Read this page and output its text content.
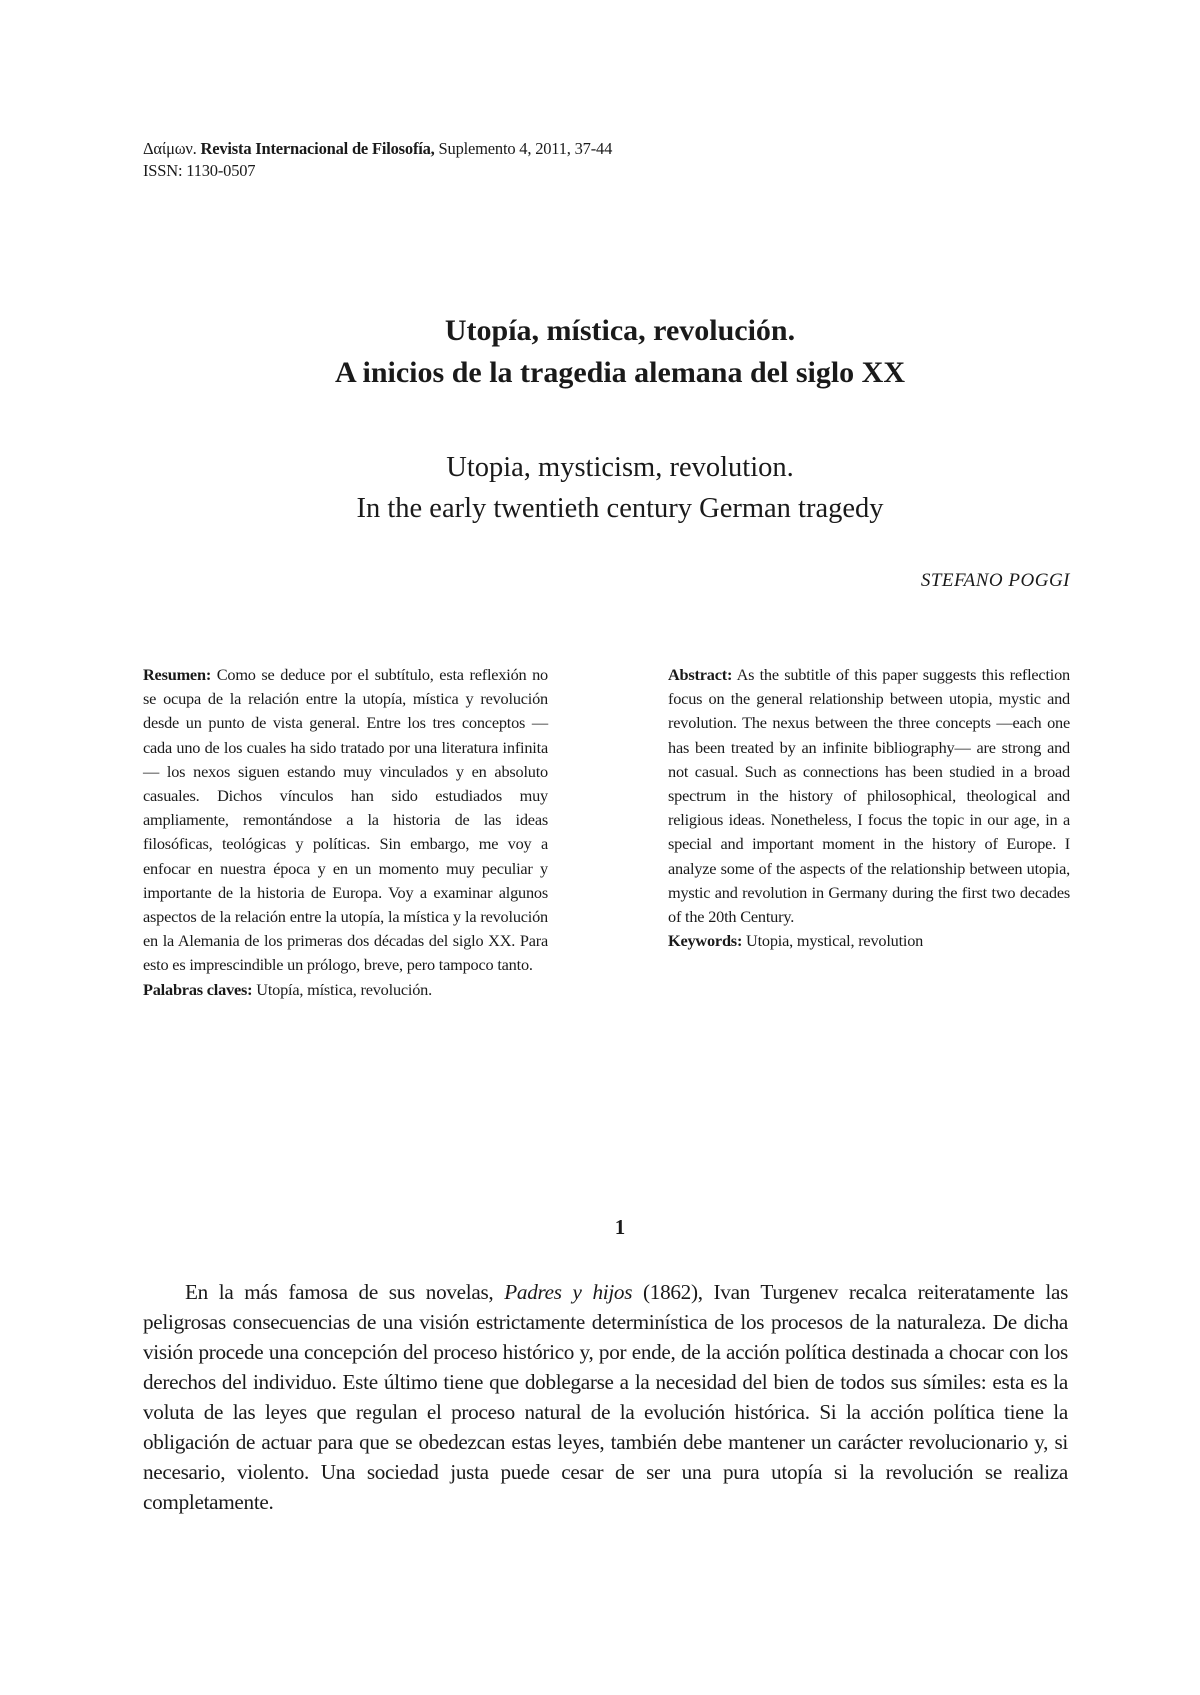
Δαίμων. Revista Internacional de Filosofía, Suplemento 4, 2011, 37-44
ISSN: 1130-0507
Utopía, mística, revolución.
A inicios de la tragedia alemana del siglo XX
Utopia, mysticism, revolution.
In the early twentieth century German tragedy
STEFANO POGGI

Resumen: Como se deduce por el subtítulo, esta reflexión no se ocupa de la relación entre la utopía, mística y revolución desde un punto de vista general. Entre los tres conceptos — cada uno de los cuales ha sido tratado por una literatura infinita— los nexos siguen estando muy vinculados y en absoluto casuales. Dichos vínculos han sido estudiados muy ampliamente, remontándose a la historia de las ideas filosóficas, teológicas y políticas. Sin embargo, me voy a enfocar en nuestra época y en un momento muy peculiar y importante de la historia de Europa. Voy a examinar algunos aspectos de la relación entre la utopía, la mística y la revolución en la Alemania de los primeras dos décadas del siglo XX. Para esto es imprescindible un prólogo, breve, pero tampoco tanto.

Palabras claves: Utopía, mística, revolución.

Abstract: As the subtitle of this paper suggests this reflection focus on the general relationship between utopia, mystic and revolution. The nexus between the three concepts —each one has been treated by an infinite bibliography— are strong and not casual. Such as connections has been studied in a broad spectrum in the history of philosophical, theological and religious ideas. Nonetheless, I focus the topic in our age, in a special and important moment in the history of Europe. I analyze some of the aspects of the relationship between utopia, mystic and revolution in Germany during the first two decades of the 20th Century.

Keywords: Utopia, mystical, revolution

1

En la más famosa de sus novelas, Padres y hijos (1862), Ivan Turgenev recalca reiteratamente las peligrosas consecuencias de una visión estrictamente determinística de los procesos de la naturaleza. De dicha visión procede una concepción del proceso histórico y, por ende, de la acción política destinada a chocar con los derechos del individuo. Este último tiene que doblegarse a la necesidad del bien de todos sus símiles: esta es la voluta de las leyes que regulan el proceso natural de la evolución histórica. Si la acción política tiene la obligación de actuar para que se obedezcan estas leyes, también debe mantener un carácter revolucionario y, si necesario, violento. Una sociedad justa puede cesar de ser una pura utopía si la revolución se realiza completamente.
